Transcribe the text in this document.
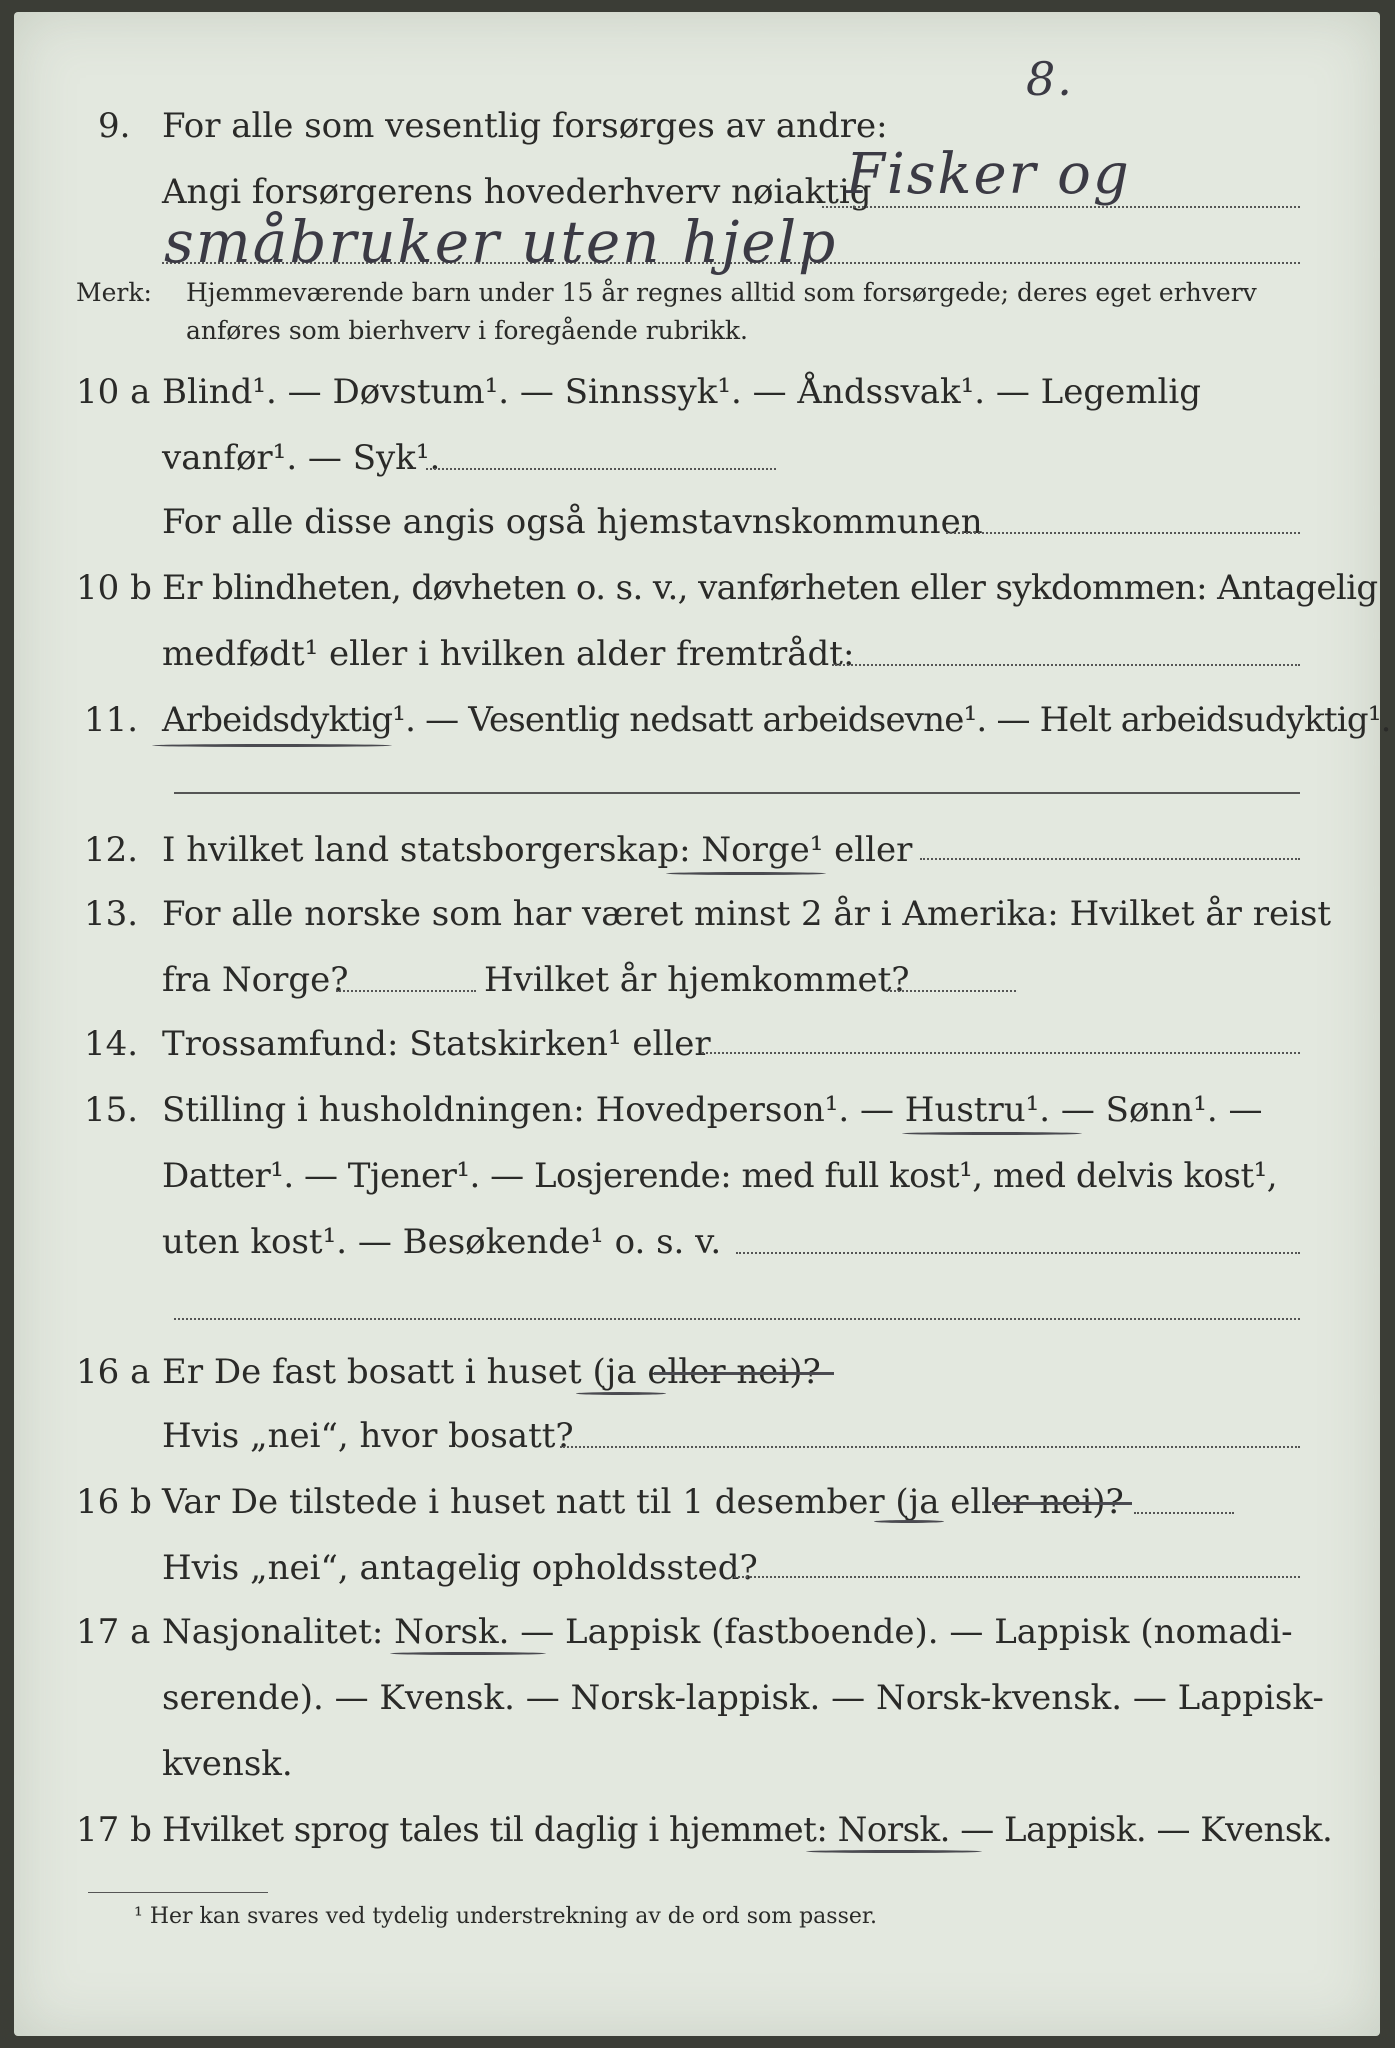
8.
9. For alle som vesentlig forsørges av andre:
Angi forsørgerens hovederhverv nøiaktig
Fisker og
småbruker uten hjelp
Merk: Hjemmeværende barn under 15 år regnes alltid som forsørgede; deres eget erhverv
anføres som bierhverv i foregående rubrikk.
10 a Blind¹. — Døvstum¹. — Sinnssyk¹. — Åndssvak¹. — Legemlig
vanfør¹. — Syk¹.
For alle disse angis også hjemstavnskommunen
10 b Er blindheten, døvheten o. s. v., vanførheten eller sykdommen: Antagelig
medfødt¹ eller i hvilken alder fremtrådt:
11. Arbeidsdyktig¹. — Vesentlig nedsatt arbeidsevne¹. — Helt arbeidsudyktig¹.
12. I hvilket land statsborgerskap: Norge¹ eller
13. For alle norske som har været minst 2 år i Amerika: Hvilket år reist
fra Norge?	Hvilket år hjemkommet?
14. Trossamfund: Statskirken¹ eller
15. Stilling i husholdningen: Hovedperson¹. — Hustru¹. — Sønn¹. —
Datter¹. — Tjener¹. — Losjerende: med full kost¹, med delvis kost¹,
uten kost¹. — Besøkende¹ o. s. v.
16 a Er De fast bosatt i huset (ja eller nei)?
Hvis „nei“, hvor bosatt?
16 b Var De tilstede i huset natt til 1 desember (ja eller nei)?
Hvis „nei“, antagelig opholdssted?
17 a Nasjonalitet: Norsk. — Lappisk (fastboende). — Lappisk (nomadi-
serende). — Kvensk. — Norsk-lappisk. — Norsk-kvensk. — Lappisk-
kvensk.
17 b Hvilket sprog tales til daglig i hjemmet: Norsk. — Lappisk. — Kvensk.
¹ Her kan svares ved tydelig understrekning av de ord som passer.
